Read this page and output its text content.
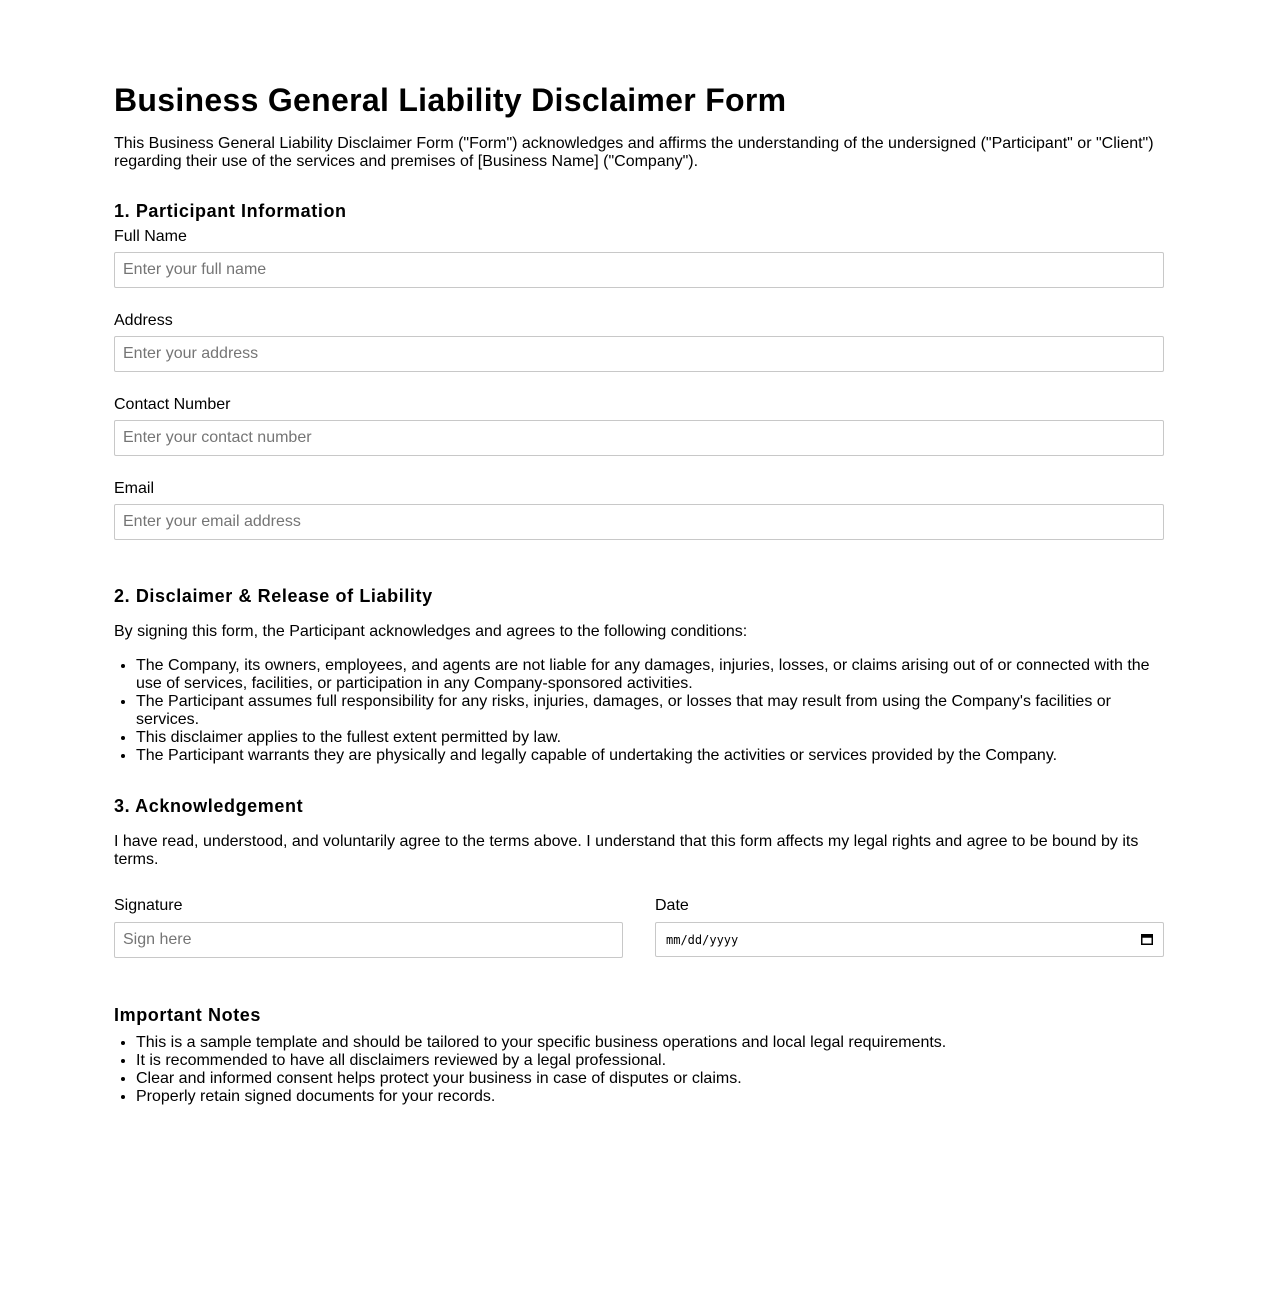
Business General Liability Disclaimer Form

This Business General Liability Disclaimer Form ("Form") acknowledges and affirms the understanding of the undersigned ("Participant" or "Client") regarding their use of the services and premises of [Business Name] ("Company").

1. Participant Information
Full Name
Enter your full name
Address
Enter your address
Contact Number
Enter your contact number
Email
Enter your email address
2. Disclaimer & Release of Liability

By signing this form, the Participant acknowledges and agrees to the following conditions:

• The Company, its owners, employees, and agents are not liable for any damages, injuries, losses, or claims arising out of or connected with the use of services, facilities, or participation in any Company-sponsored activities.
• The Participant assumes full responsibility for any risks, injuries, damages, or losses that may result from using the Company's facilities or services.
• This disclaimer applies to the fullest extent permitted by law.
• The Participant warrants they are physically and legally capable of undertaking the activities or services provided by the Company.
3. Acknowledgement

I have read, understood, and voluntarily agree to the terms above. I understand that this form affects my legal rights and agree to be bound by its terms.

Signature
Sign here	Date
mm/dd/yyyy
Important Notes
• This is a sample template and should be tailored to your specific business operations and local legal requirements.
• It is recommended to have all disclaimers reviewed by a legal professional.
• Clear and informed consent helps protect your business in case of disputes or claims.
• Properly retain signed documents for your records.
